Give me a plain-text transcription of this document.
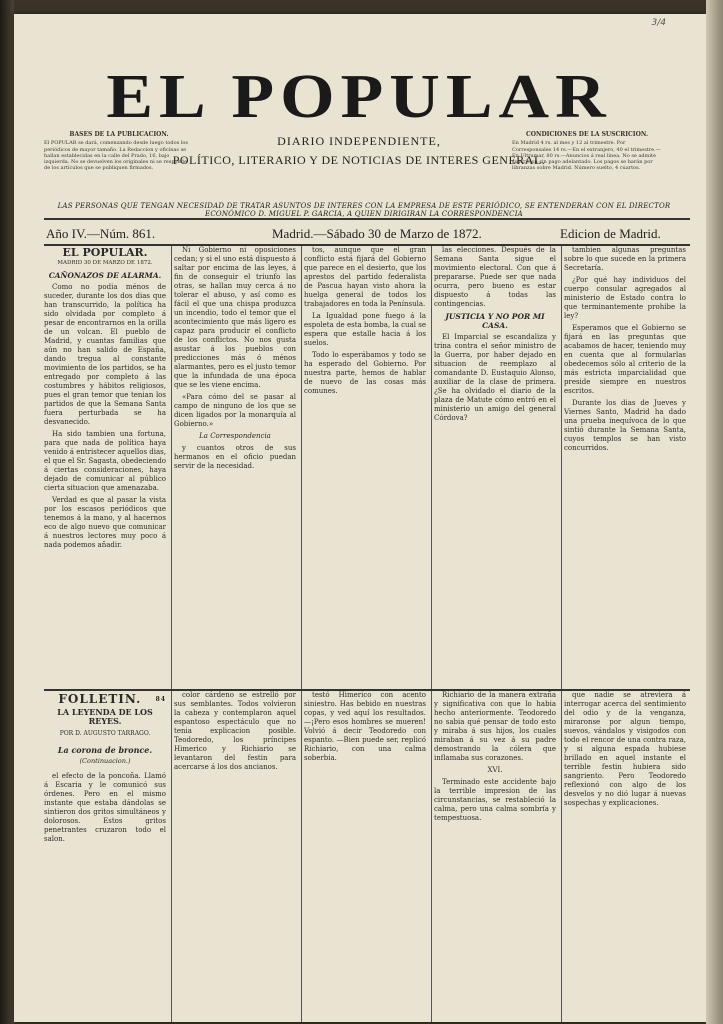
3/4
EL POPULAR
DIARIO INDEPENDIENTE,
POLÍTICO, LITERARIO Y DE NOTICIAS DE INTERES GENERAL.
BASES DE LA PUBLICACION.
El POPULAR se dará, comenzando desde luego todos los periódicos de mayor tamaño. La Redaccion y oficinas se hallan establecidas en la calle del Prado, 16, bajo izquierda. No se devuelven los originales ni se responde de los artículos que se publiquen firmados.
CONDICIONES DE LA SUSCRICION.
En Madrid 4 rs. al mes y 12 al trimestre. Por Corresponsales 14 rs.—En el extranjero, 40 el trimestre.—En Ultramar, 80 rs.—Anuncios á real línea. No se admite suscricion sin pago adelantado. Los pagos se harán por libranzas sobre Madrid. Número suelto, 4 cuartos.
LAS PERSONAS QUE TENGAN NECESIDAD DE TRATAR ASUNTOS DE INTERES CON LA EMPRESA DE ESTE PERIÓDICO, SE ENTENDERAN CON EL DIRECTOR ECONÓMICO D. MIGUEL P. GARCIA, A QUIEN DIRIGIRAN LA CORRESPONDENCIA
Año IV.—Núm. 861.	Madrid.—Sábado 30 de Marzo de 1872.	Edicion de Madrid.
EL POPULAR.
MADRID 30 DE MARZO DE 1872.
CAÑONAZOS DE ALARMA.

Como no podia ménos de suceder, durante los dos dias que han transcurrido, la política ha sido olvidada por completo á pesar de encontrarnos en la orilla de un volcan. El pueblo de Madrid, y cuantas familias que aún no han salido de España, dando tregua al constante movimiento de los partidos, se ha entregado por completo á las costumbres y hábitos religiosos, pues el gran temor que tenian los partidos de que la Semana Santa fuera perturbada se ha desvanecido.

Ha sido tambien una fortuna, para que nada de política haya venido á entristecer aquellos dias, el que el Sr. Sagasta, obedeciendo á ciertas consideraciones, haya dejado de comunicar al público cierta situacion que amenazaba.

Verdad es que al pasar la vista por los escasos periódicos que tenemos á la mano, y al hacernos eco de algo nuevo que comunicar á nuestros lectores muy poco á nada podemos añadir.

Ni Gobierno ni oposiciones cedan; y si el uno está dispuesto á saltar por encima de las leyes, á fin de conseguir el triunfo las otras, se hallan muy cerca á no tolerar el abuso, y así como es fácil el que una chispa produzca un incendio, todo el temor que el acontecimiento que más ligero es capaz para producir el conflicto de los conflictos. No nos gusta asustar á los pueblos con predicciones más ó ménos alarmantes, pero es el justo temor que la infundada de una época que se les viene encima.

«Para cómo del se pasar al campo de ninguno de los que se dicen ligados por la monarquía al Gobierno.»

La Correspondencia

y cuantos otros de sus hermanos en el oficio puedan servir de la necesidad.

tos, aunque que el gran conflicto está fijará del Gobierno que parece en el desierto, que los aprestos del partido federalista de Pascua hayan visto ahora la huelga general de todos los trabajadores en toda la Península.

La Igualdad pone fuego á la espoleta de esta bomba, la cual se espera que estalle hacia á los suelos.

Todo lo esperábamos y todo se ha esperado del Gobierno. Por nuestra parte, hemos de hablar de nuevo de las cosas más comunes.

las elecciones. Después de la Semana Santa sigue el movimiento electoral. Con que á prepararse. Puede ser que nada ocurra, pero bueno es estar dispuesto á todas las contingencias.

JUSTICIA Y NO POR MI CASA.

El Imparcial se escandaliza y trina contra el señor ministro de la Guerra, por haber dejado en situacion de reemplazo al comandante D. Eustaquio Alonso, auxiliar de la clase de primera. ¿Se ha olvidado el diario de la plaza de Matute cómo entró en el ministerio un amigo del general Córdova?

tambien algunas preguntas sobre lo que sucede en la primera Secretaría.

¿Por qué hay individuos del cuerpo consular agregados al ministerio de Estado contra lo que terminantemente prohibe la ley?

Esperamos que el Gobierno se fijará en las preguntas que acabamos de hacer, teniendo muy en cuenta que al formularlas obedecemos sólo al criterio de la más estricta imparcialidad que preside siempre en nuestros escritos.

Durante los dias de Jueves y Viernes Santo, Madrid ha dado una prueba inequívoca de lo que sintió durante la Semana Santa, cuyos templos se han visto concurridos.

FOLLETIN. 84
LA LEYENDA DE LOS REYES.
POR D. AUGUSTO TARRAGO.
La corona de bronce.
(Continuacion.)

el efecto de la poncoña. Llamó á Escaria y le comunicó sus órdenes. Pero en el mismo instante que estaba dándolas se sintieron dos gritos simultáneos y dolorosos. Estos gritos penetrantes cruzaron todo el salon.

color cárdeno se estrelló por sus semblantes. Todos volvieron la cabeza y contemplaron aquel espantoso espectáculo que no tenia explicacion posible. Teodoredo, los príncipes Himerico y Richiario se levantaron del festin para acercarse á los dos ancianos.

testó Himerico con acento siniestro. Has bebido en nuestras copas, y ved aquí los resultados. —¡Pero esos hombres se mueren! Volvió á decir Teodoredo con espanto. —Bien puede ser, replicó Richiario, con una calma soberbia.

Richiario de la manera extraña y significativa con que lo habia hecho anteriormente. Teodoredo no sabia qué pensar de todo esto y miraba á sus hijos, los cuales miraban á su vez á su padre demostrando la cólera que inflamaba sus corazones.

XVI.

Terminado este accidente bajo la terrible impresion de las circunstancias, se restableció la calma, pero una calma sombría y tempestuosa.

que nadie se atreviera á interrogar acerca del sentimiento del odio y de la venganza, miraronse por algun tiempo, suevos, vándalos y visigodos con todo el rencor de una contra raza, y si alguna espada hubiese brillado en aquel instante el terrible festin hubiera sido sangriento. Pero Teodoredo reflexionó con algo de los desvelos y no dió lugar á nuevas sospechas y explicaciones.
